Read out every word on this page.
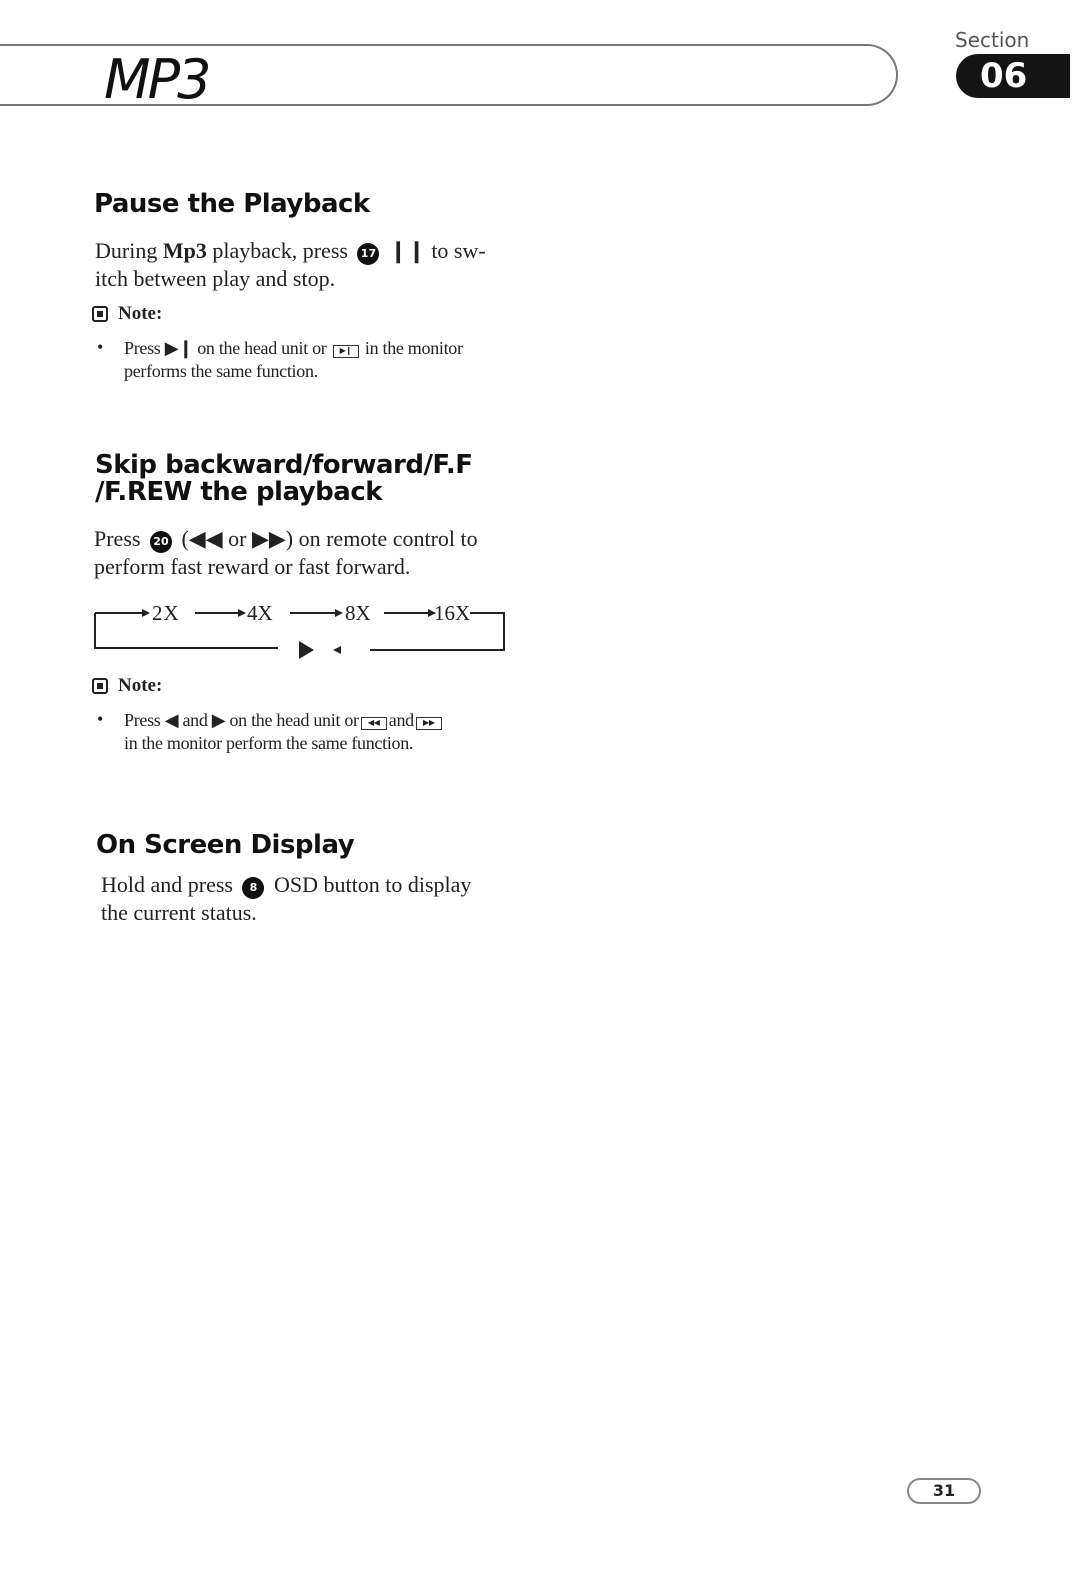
MP3
Section
06
Pause the Playback
During Mp3 playback, press 17 ❙❙ to sw-
itch between play and stop.
Note:
• Press ▶❙ on the head unit or ▶❙ in the monitor
performs the same function.
Skip backward/forward/F.F
/F.REW the playback
Press 20 (◀◀ or ▶▶) on remote control to
perform fast reward or fast forward.
2X	4X	8X	16X
Note:
• Press ◀ and ▶ on the head unit or ◀◀ and ▶▶
in the monitor perform the same function.
On Screen Display
Hold and press 8 OSD button to display
the current status.
31
